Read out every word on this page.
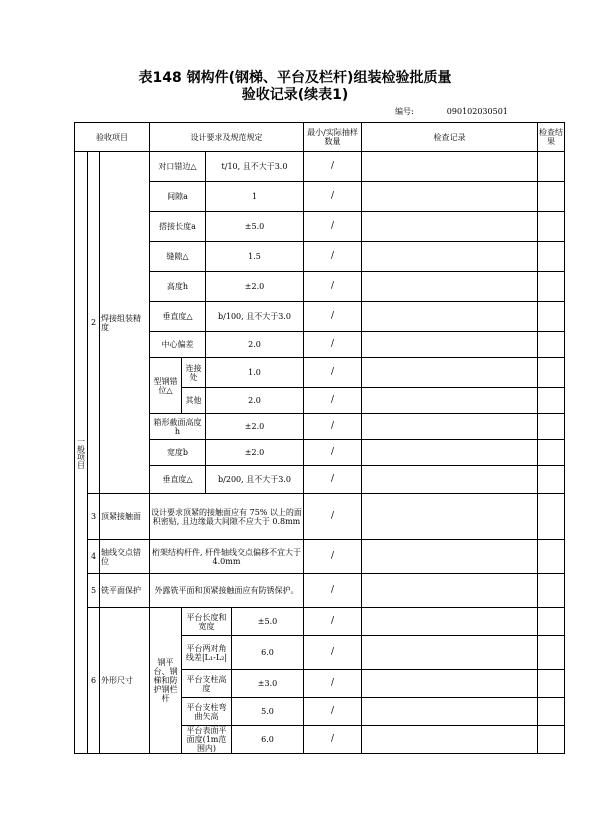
表148 钢构件(钢梯、平台及栏杆)组装检验批质量
验收记录(续表1)
编号:	090102030501
验收项目			设计要求及规范规定				最小/实际抽样数量	检查记录	检查结果
一般项目	2	焊接组装精度	对口错边△		t/10, 且不大于3.0		/		
			间隙a		1		/		
			搭接长度a		±5.0		/		
			缝隙△		1.5		/		
			高度h		±2.0		/		
			垂直度△		b/100, 且不大于3.0		/		
			中心偏差		2.0		/		
			型钢错位△	连接处	1.0		/		
				其他	2.0		/		
			箱形截面高度h		±2.0		/		
			宽度b		±2.0		/		
			垂直度△		b/200, 且不大于3.0		/		
	3	顶紧接触面	设计要求顶紧的接触面应有 75% 以上的面积密贴, 且边缘最大间隙不应大于 0.8mm				/		
	4	轴线交点错位	桁架结构杆件, 杆件轴线交点偏移不宜大于 4.0mm				/		
	5	铣平面保护	外露铣平面和顶紧接触面应有防锈保护。				/		
	6	外形尺寸	钢平台、钢梯和防护钢栏杆	平台长度和宽度		±5.0	/		
				平台两对角线差|L₁-L₂|		6.0	/		
				平台支柱高度		±3.0	/		
				平台支柱弯曲矢高		5.0	/		
				平台表面平面度(1m范围内)		6.0	/		
